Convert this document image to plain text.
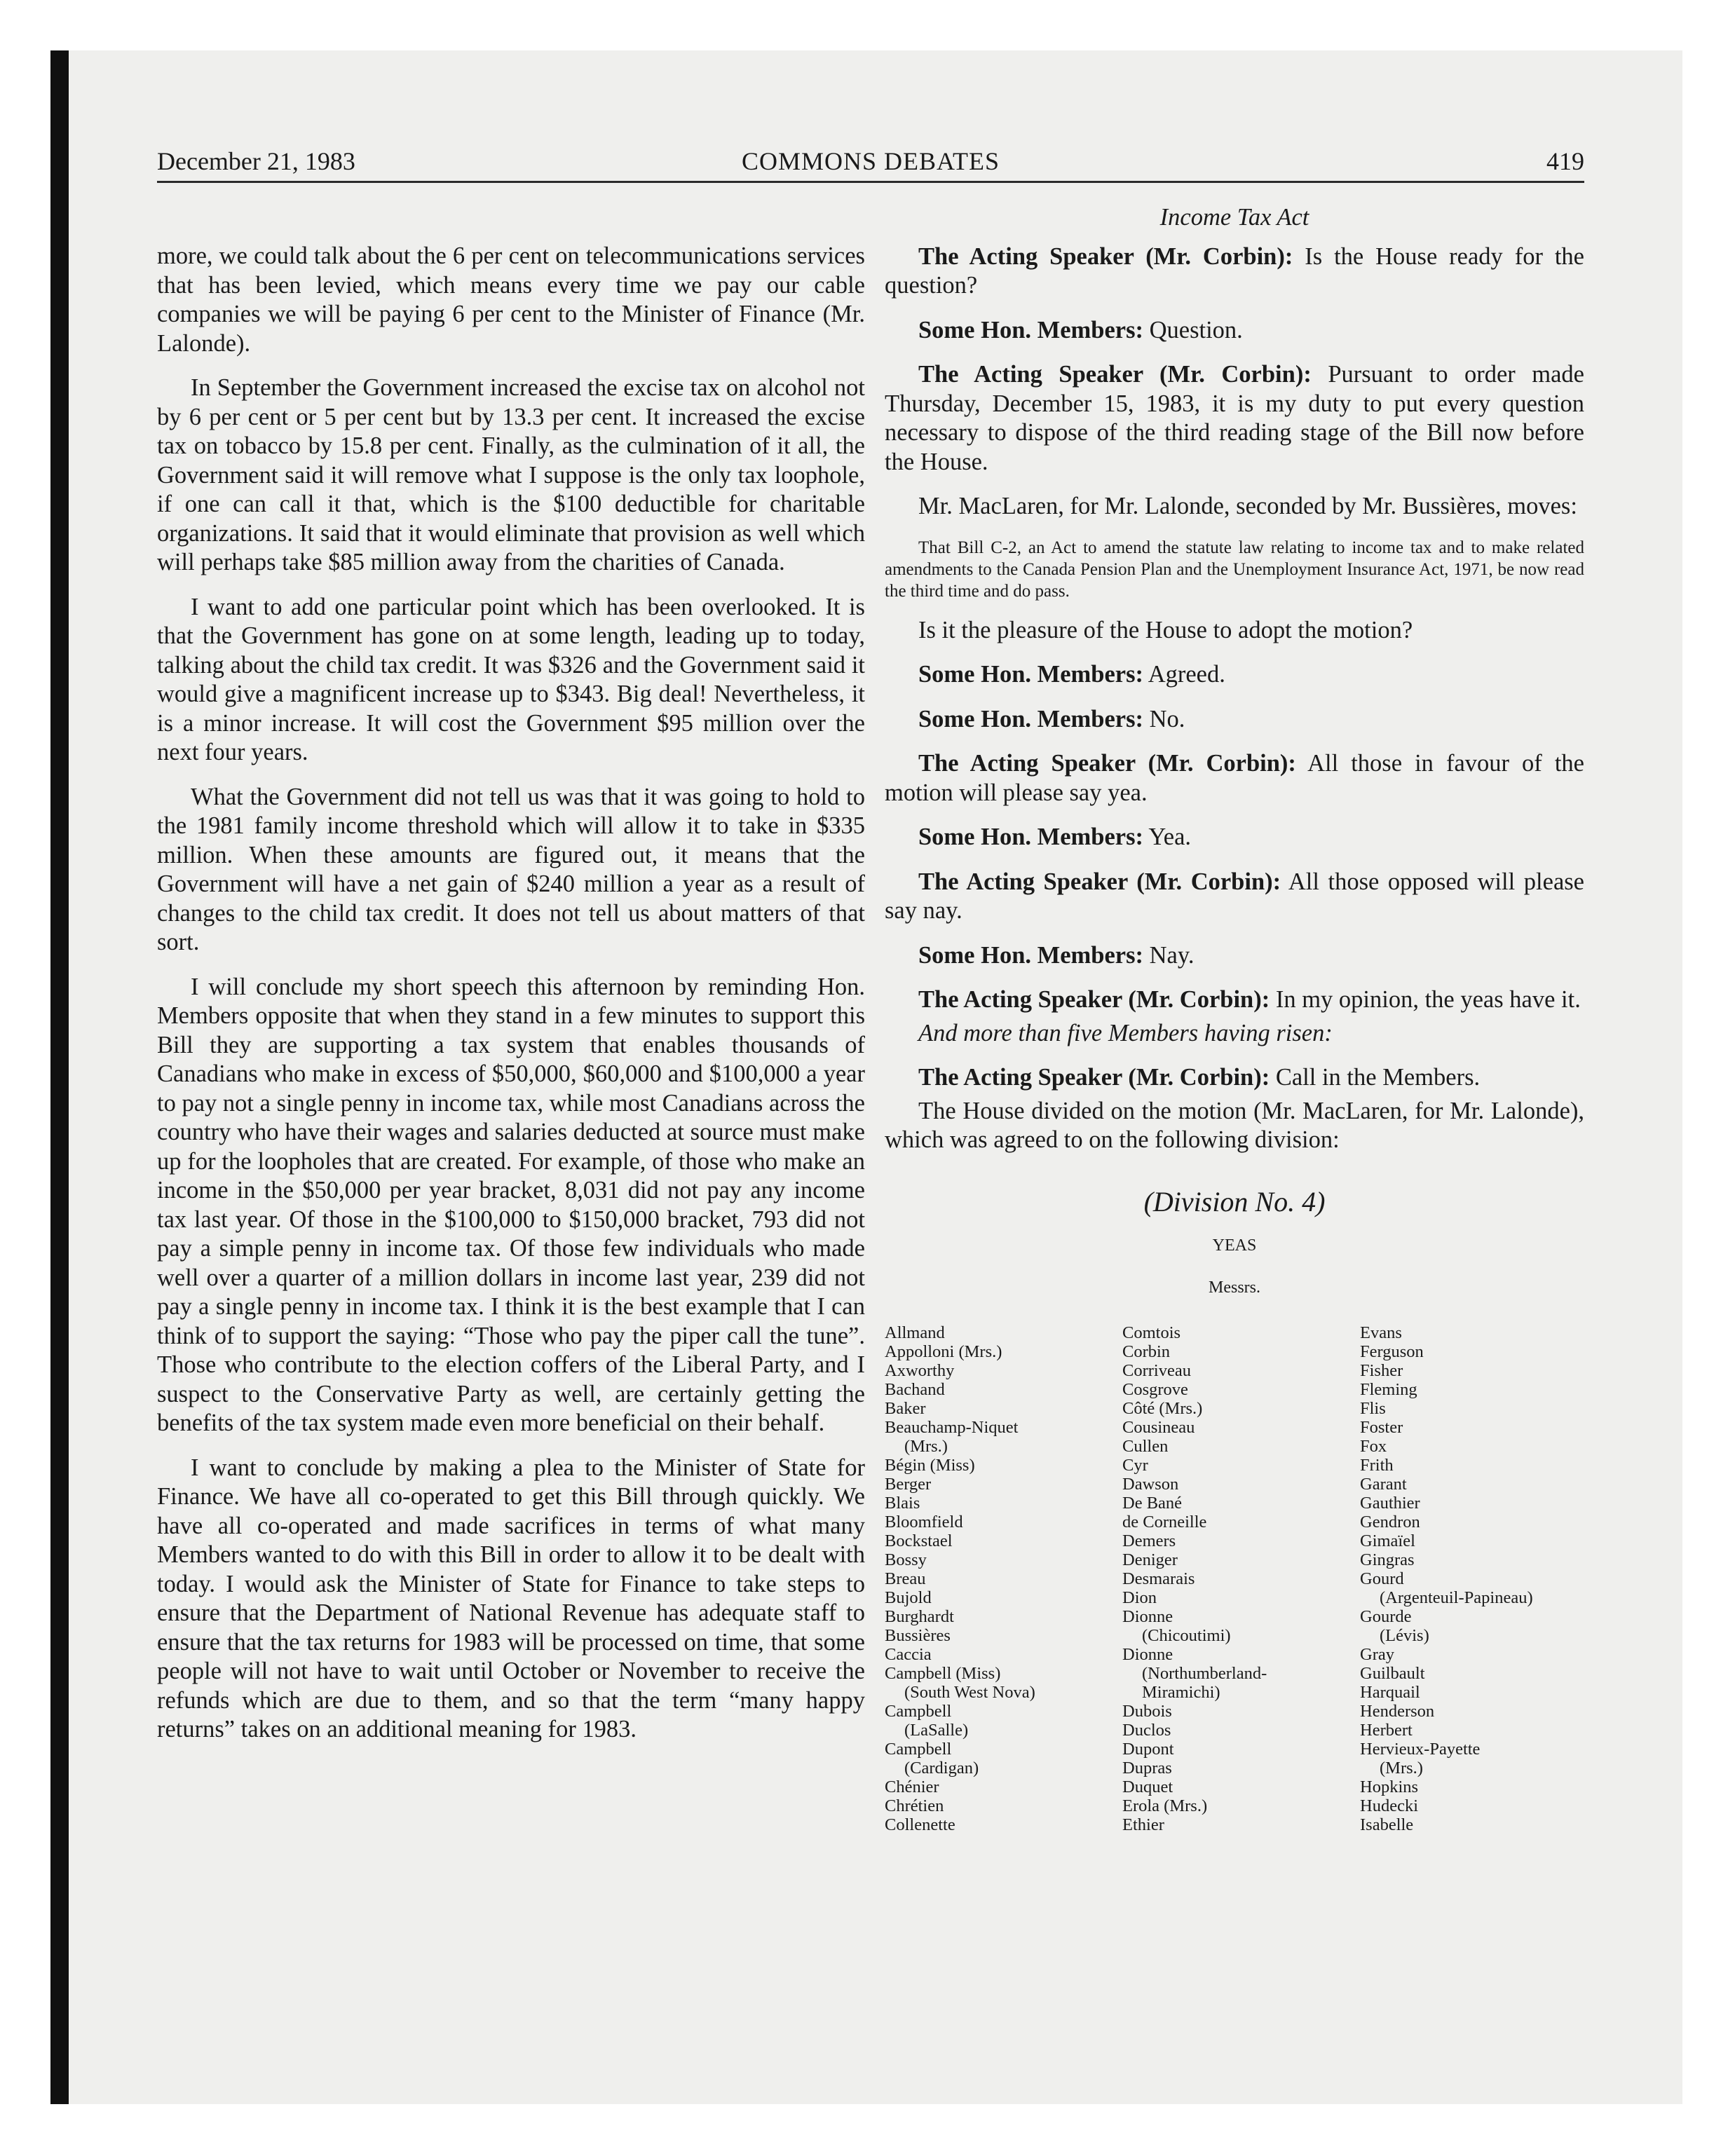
December 21, 1983	COMMONS DEBATES	419

more, we could talk about the 6 per cent on telecommunications services that has been levied, which means every time we pay our cable companies we will be paying 6 per cent to the Minister of Finance (Mr. Lalonde).

In September the Government increased the excise tax on alcohol not by 6 per cent or 5 per cent but by 13.3 per cent. It increased the excise tax on tobacco by 15.8 per cent. Finally, as the culmination of it all, the Government said it will remove what I suppose is the only tax loophole, if one can call it that, which is the $100 deductible for charitable organizations. It said that it would eliminate that provision as well which will perhaps take $85 million away from the charities of Canada.

I want to add one particular point which has been overlooked. It is that the Government has gone on at some length, leading up to today, talking about the child tax credit. It was $326 and the Government said it would give a magnificent increase up to $343. Big deal! Nevertheless, it is a minor increase. It will cost the Government $95 million over the next four years.

What the Government did not tell us was that it was going to hold to the 1981 family income threshold which will allow it to take in $335 million. When these amounts are figured out, it means that the Government will have a net gain of $240 million a year as a result of changes to the child tax credit. It does not tell us about matters of that sort.

I will conclude my short speech this afternoon by reminding Hon. Members opposite that when they stand in a few minutes to support this Bill they are supporting a tax system that enables thousands of Canadians who make in excess of $50,000, $60,000 and $100,000 a year to pay not a single penny in income tax, while most Canadians across the country who have their wages and salaries deducted at source must make up for the loopholes that are created. For example, of those who make an income in the $50,000 per year bracket, 8,031 did not pay any income tax last year. Of those in the $100,000 to $150,000 bracket, 793 did not pay a simple penny in income tax. Of those few individuals who made well over a quarter of a million dollars in income last year, 239 did not pay a single penny in income tax. I think it is the best example that I can think of to support the saying: “Those who pay the piper call the tune”. Those who contribute to the election coffers of the Liberal Party, and I suspect to the Conservative Party as well, are certainly getting the benefits of the tax system made even more beneficial on their behalf.

I want to conclude by making a plea to the Minister of State for Finance. We have all co-operated to get this Bill through quickly. We have all co-operated and made sacrifices in terms of what many Members wanted to do with this Bill in order to allow it to be dealt with today. I would ask the Minister of State for Finance to take steps to ensure that the Department of National Revenue has adequate staff to ensure that the tax returns for 1983 will be processed on time, that some people will not have to wait until October or November to receive the refunds which are due to them, and so that the term “many happy returns” takes on an additional meaning for 1983.

Income Tax Act

The Acting Speaker (Mr. Corbin): Is the House ready for the question?

Some Hon. Members: Question.

The Acting Speaker (Mr. Corbin): Pursuant to order made Thursday, December 15, 1983, it is my duty to put every question necessary to dispose of the third reading stage of the Bill now before the House.

Mr. MacLaren, for Mr. Lalonde, seconded by Mr. Bussières, moves:

That Bill C-2, an Act to amend the statute law relating to income tax and to make related amendments to the Canada Pension Plan and the Unemployment Insurance Act, 1971, be now read the third time and do pass.

Is it the pleasure of the House to adopt the motion?

Some Hon. Members: Agreed.

Some Hon. Members: No.

The Acting Speaker (Mr. Corbin): All those in favour of the motion will please say yea.

Some Hon. Members: Yea.

The Acting Speaker (Mr. Corbin): All those opposed will please say nay.

Some Hon. Members: Nay.

The Acting Speaker (Mr. Corbin): In my opinion, the yeas have it.

And more than five Members having risen:

The Acting Speaker (Mr. Corbin): Call in the Members.

The House divided on the motion (Mr. MacLaren, for Mr. Lalonde), which was agreed to on the following division:

(Division No. 4)

YEAS

Messrs.

Allmand
Appolloni (Mrs.)
Axworthy
Bachand
Baker
Beauchamp-Niquet
(Mrs.)
Bégin (Miss)
Berger
Blais
Bloomfield
Bockstael
Bossy
Breau
Bujold
Burghardt
Bussières
Caccia
Campbell (Miss)
(South West Nova)
Campbell
(LaSalle)
Campbell
(Cardigan)
Chénier
Chrétien
Collenette
Comtois
Corbin
Corriveau
Cosgrove
Côté (Mrs.)
Cousineau
Cullen
Cyr
Dawson
De Bané
de Corneille
Demers
Deniger
Desmarais
Dion
Dionne
(Chicoutimi)
Dionne
(Northumberland-
Miramichi)
Dubois
Duclos
Dupont
Dupras
Duquet
Erola (Mrs.)
Ethier
Evans
Ferguson
Fisher
Fleming
Flis
Foster
Fox
Frith
Garant
Gauthier
Gendron
Gimaïel
Gingras
Gourd
(Argenteuil-Papineau)
Gourde
(Lévis)
Gray
Guilbault
Harquail
Henderson
Herbert
Hervieux-Payette
(Mrs.)
Hopkins
Hudecki
Isabelle
